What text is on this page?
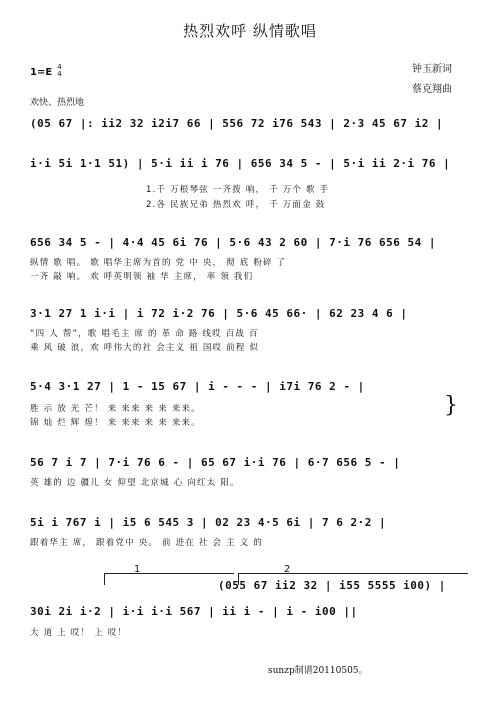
热烈欢呼 纵情歌唱
1=E 4
4	钟玉新词
蔡克翔曲
欢快、热烈地
(05 67 |: ii2 32 i2i7 66 | 556 72 i76 543 | 2·3 45 67 i2 |
i·i 5i 1·1 51) | 5·i ii i 76 | 656 34 5 - | 5·i ii 2·i 76 |
1.千 万根琴弦 一齐拨 响， 千 万个 歌 手
2.各 民族兄弟 热烈欢 呼， 千 万面金 鼓
656 34 5 - | 4·4 45 6i 76 | 5·6 43 2 60 | 7·i 76 656 54 |
纵情 歌 唱。 歌 唱华主席为首的 党 中 央， 彻 底 粉碎 了
一齐 敲 响。 欢 呼英明领 袖 华 主席， 率 领 我们
3·1 27 1 i·i | i 72 i·2 76 | 5·6 45 66· | 62 23 4 6 |
“四 人 帮”，歌 唱毛主 席 的 革 命 路 线哎 百战 百
乘 风 破 浪，欢 呼伟大的社 会主义 祖 国哎 前程 似
5·4 3·1 27 | 1 - 15 67 | i - - - | i7i 76 2 - |
胜 示 放 光 芒！ 来 来来 来 来 来来。
锦 灿 烂 辉 煌！ 来 来来 来 来 来来。
}
56 7 i 7 | 7·i 76 6 - | 65 67 i·i 76 | 6·7 656 5 - |
英 雄的 边 疆儿 女 仰望 北京城 心 向红太 阳。
5i i 767 i | i5 6 545 3 | 02 23 4·5 6i | 7 6 2·2 |
跟着华主 席， 跟着党中 央。 前 进在 社 会 主 义 的
1	2
(055 67 ii2 32 | i55 5555 i00) |
30i 2i i·2 | i·i i·i 567 | ii i - | i - i00 ||
大 道 上 哎！ 上 哎！
sunzp制谱20110505。
